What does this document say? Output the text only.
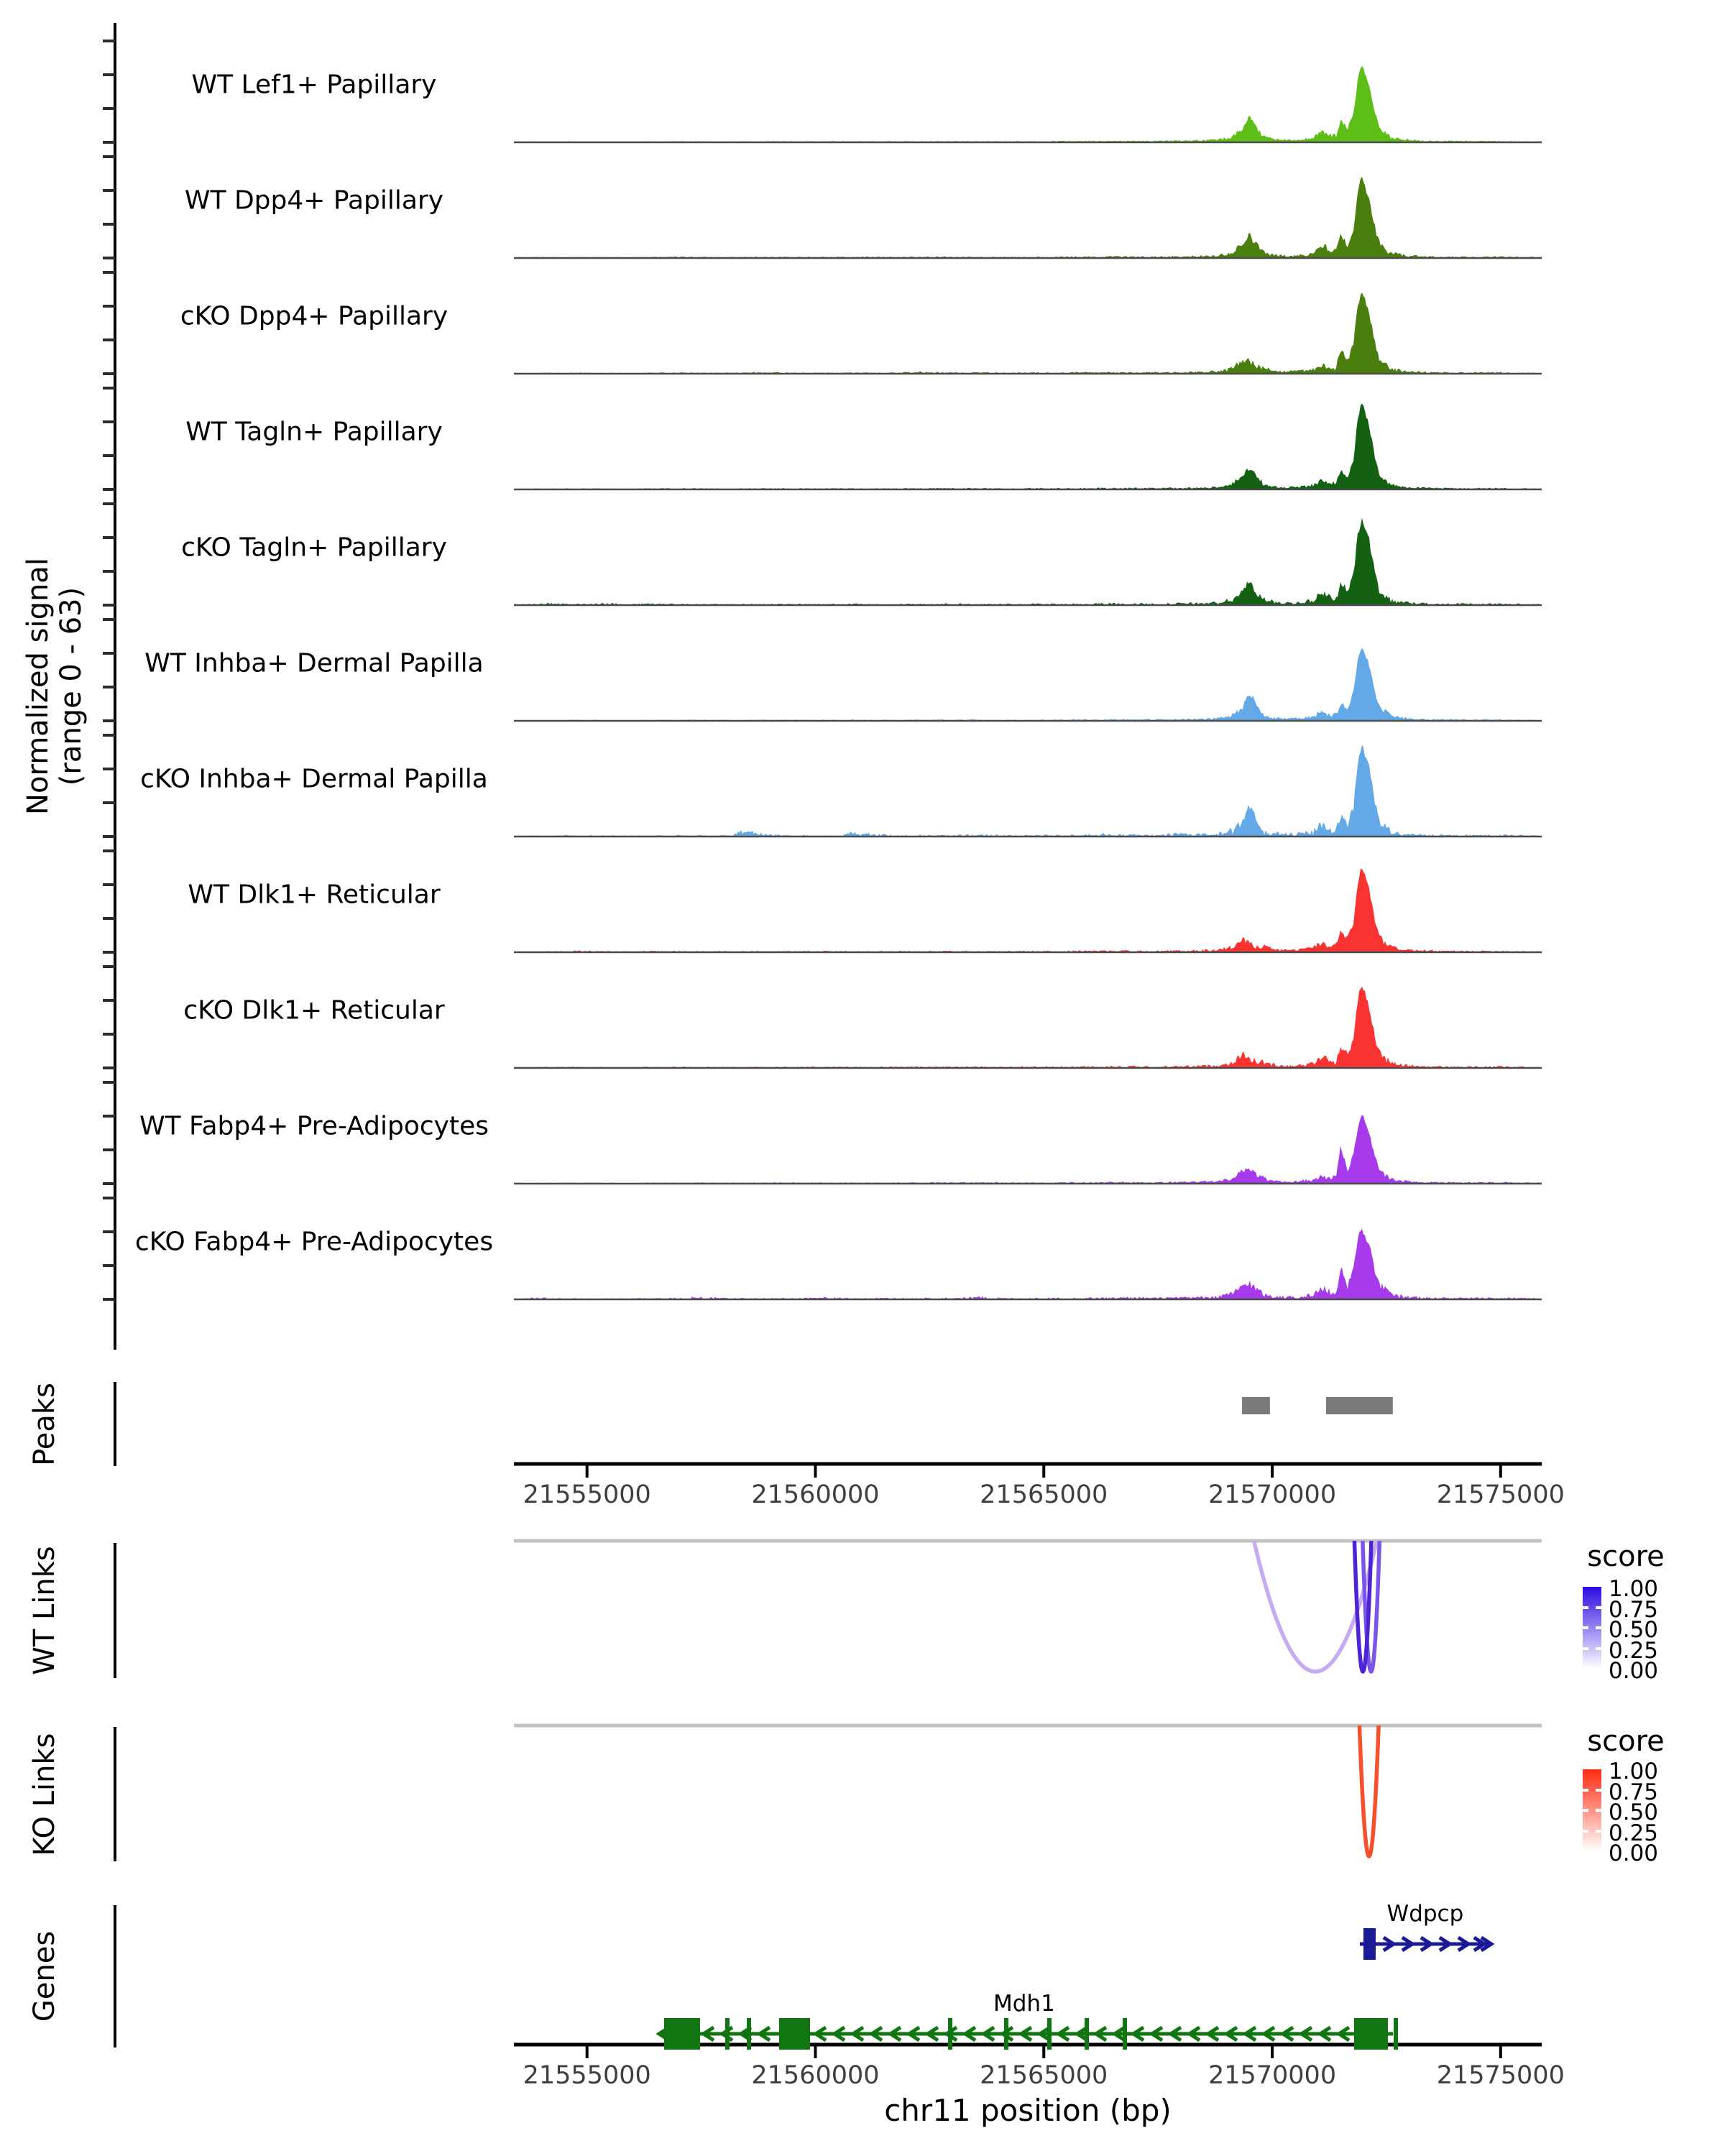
Normalized signal (range 0 - 63)
Peaks
WT Links
KO Links
Genes
score
score
chr11 position (bp)
WT Lef1+ Papillary
WT Dpp4+ Papillary
cKO Dpp4+ Papillary
WT Tagln+ Papillary
cKO Tagln+ Papillary
WT Inhba+ Dermal Papilla
cKO Inhba+ Dermal Papilla
WT Dlk1+ Reticular
cKO Dlk1+ Reticular
WT Fabp4+ Pre-Adipocytes
cKO Fabp4+ Pre-Adipocytes
21555000	21560000	21565000	21570000	21575000
21555000	21560000	21565000	21570000	21575000
1.00
0.75
0.50
0.25
0.00
1.00
0.75
0.50
0.25
0.00
Wdpcp
Mdh1
